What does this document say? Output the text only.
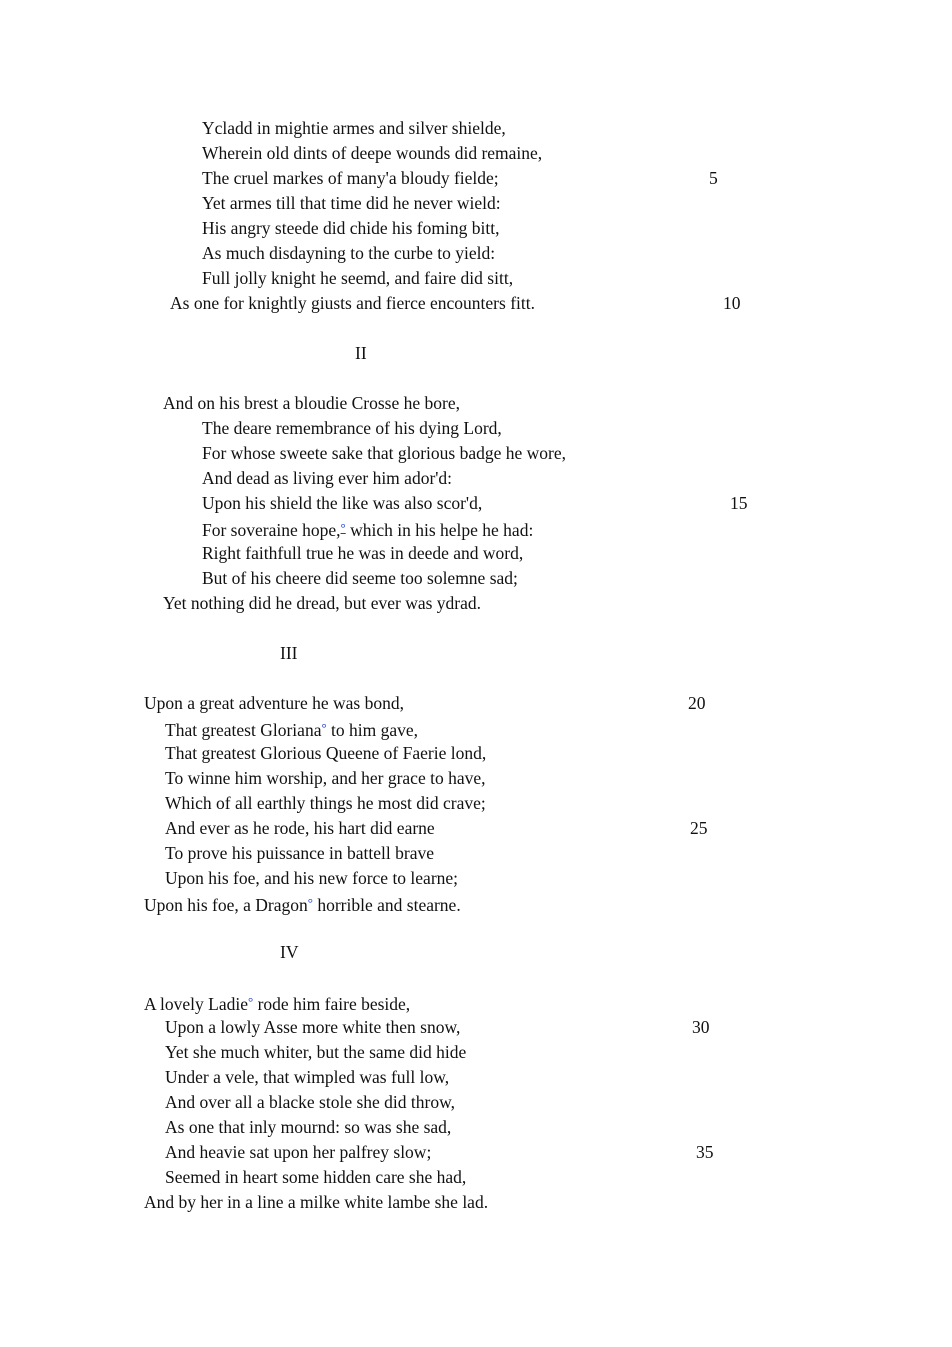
Ycladd in mightie armes and silver shielde,
Wherein old dints of deepe wounds did remaine,
The cruel markes of many'a bloudy fielde;	5
Yet armes till that time did he never wield:
His angry steede did chide his foming bitt,
As much disdayning to the curbe to yield:
Full jolly knight he seemd, and faire did sitt,
As one for knightly giusts and fierce encounters fitt.	10
II
And on his brest a bloudie Crosse he bore,
The deare remembrance of his dying Lord,
For whose sweete sake that glorious badge he wore,
And dead as living ever him ador'd:
Upon his shield the like was also scor'd,	15
For soveraine hope,° which in his helpe he had:
Right faithfull true he was in deede and word,
But of his cheere did seeme too solemne sad;
Yet nothing did he dread, but ever was ydrad.
III
Upon a great adventure he was bond,	20
That greatest Gloriana° to him gave,
That greatest Glorious Queene of Faerie lond,
To winne him worship, and her grace to have,
Which of all earthly things he most did crave;
And ever as he rode, his hart did earne	25
To prove his puissance in battell brave
Upon his foe, and his new force to learne;
Upon his foe, a Dragon° horrible and stearne.
IV
A lovely Ladie° rode him faire beside,
Upon a lowly Asse more white then snow,	30
Yet she much whiter, but the same did hide
Under a vele, that wimpled was full low,
And over all a blacke stole she did throw,
As one that inly mournd: so was she sad,
And heavie sat upon her palfrey slow;	35
Seemed in heart some hidden care she had,
And by her in a line a milke white lambe she lad.
